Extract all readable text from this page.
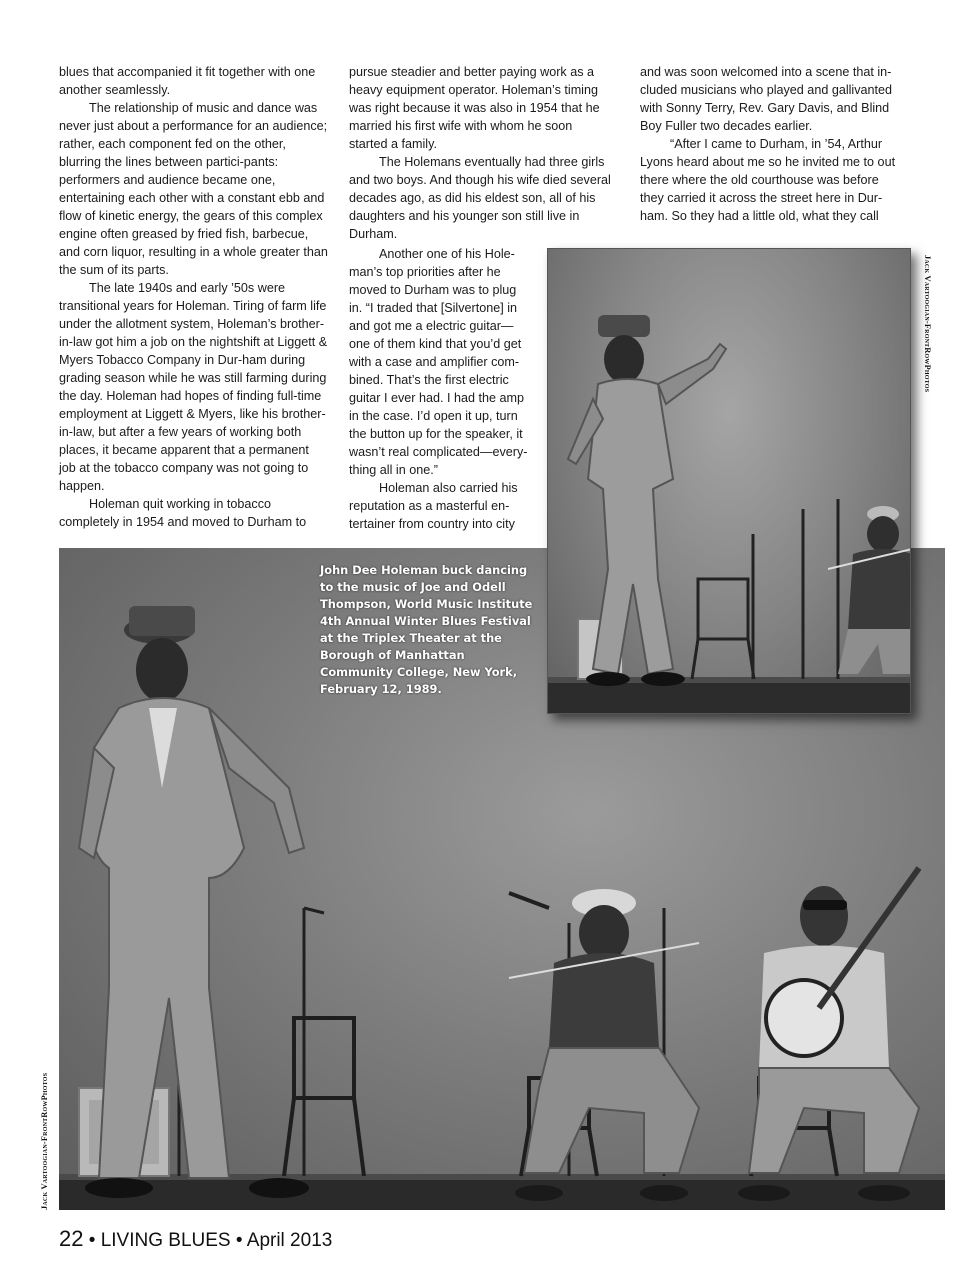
blues that accompanied it fit together with one another seamlessly.

The relationship of music and dance was never just about a performance for an audience; rather, each component fed on the other, blurring the lines between partici-pants: performers and audience became one, entertaining each other with a constant ebb and flow of kinetic energy, the gears of this complex engine often greased by fried fish, barbecue, and corn liquor, resulting in a whole greater than the sum of its parts.

The late 1940s and early ’50s were transitional years for Holeman. Tiring of farm life under the allotment system, Holeman’s brother-in-law got him a job on the nightshift at Liggett & Myers Tobacco Company in Dur-ham during grading season while he was still farming during the day. Holeman had hopes of finding full-time employment at Liggett & Myers, like his brother-in-law, but after a few years of working both places, it became apparent that a permanent job at the tobacco company was not going to happen.

Holeman quit working in tobacco completely in 1954 and moved to Durham to

pursue steadier and better paying work as a heavy equipment operator. Holeman’s timing was right because it was also in 1954 that he married his first wife with whom he soon started a family.

The Holemans eventually had three girls and two boys. And though his wife died several decades ago, as did his eldest son, all of his daughters and his younger son still live in Durham.

Another one of his Hole-man’s top priorities after he moved to Durham was to plug in. “I traded that [Silvertone] in and got me a electric guitar—one of them kind that you’d get with a case and amplifier com-bined. That’s the first electric guitar I ever had. I had the amp in the case. I’d open it up, turn the button up for the speaker, it wasn’t real complicated—every-thing all in one.”

Holeman also carried his reputation as a masterful en-tertainer from country into city

and was soon welcomed into a scene that in-cluded musicians who played and gallivanted with Sonny Terry, Rev. Gary Davis, and Blind Boy Fuller two decades earlier.

“After I came to Durham, in ’54, Arthur Lyons heard about me so he invited me to out there where the old courthouse was before they carried it across the street here in Dur-ham. So they had a little old, what they call

John Dee Holeman buck dancing to the music of Joe and Odell Thompson, World Music Institute 4th Annual Winter Blues Festival at the Triplex Theater at the Borough of Manhattan Community College, New York, February 12, 1989.
Jack Vartoogian-FrontRowPhotos
Jack Vartoogian-FrontRowPhotos
22 • LIVING BLUES • April 2013
